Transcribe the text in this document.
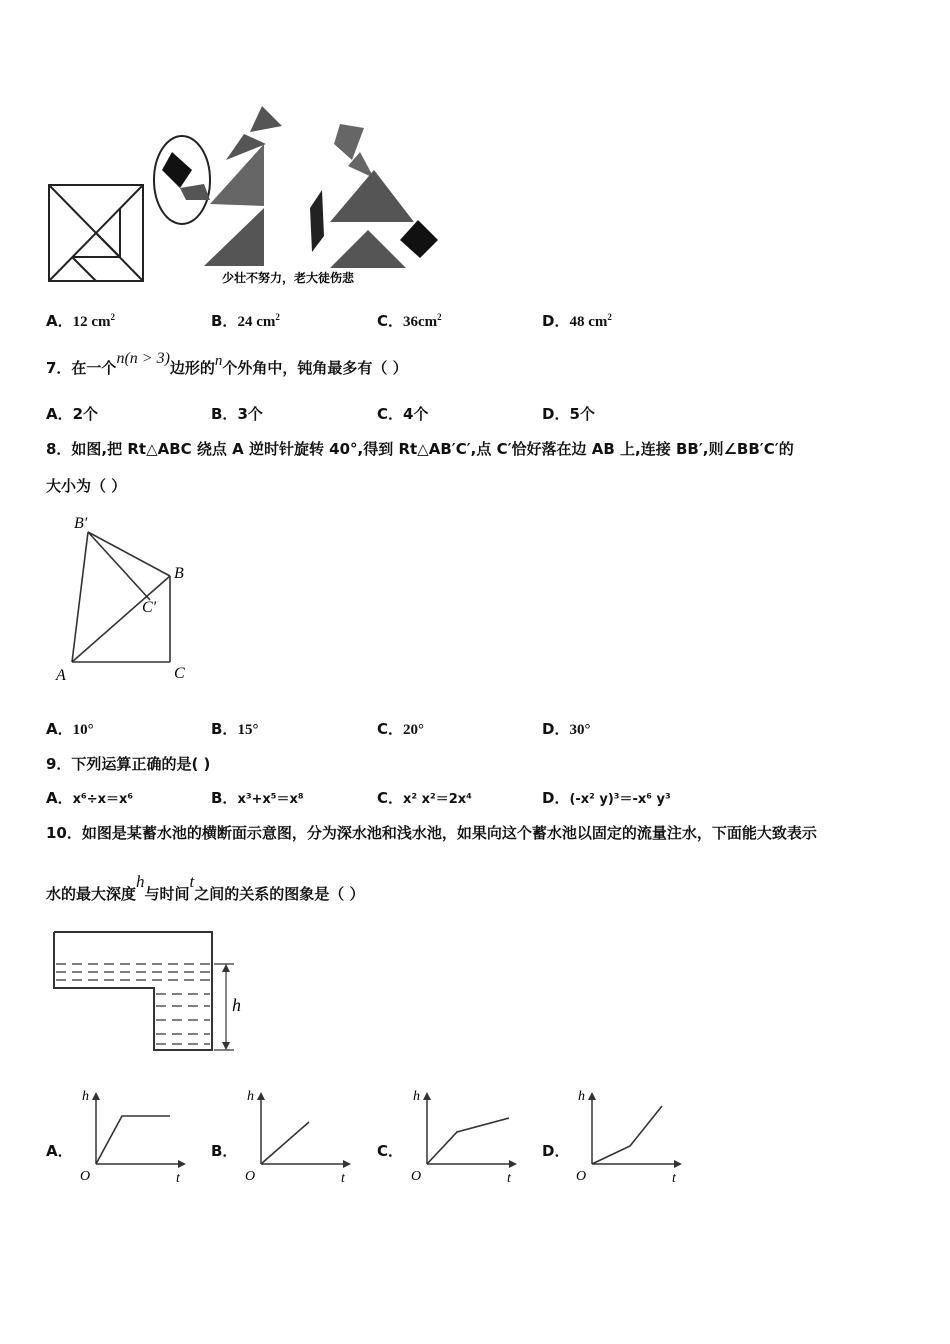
少壮不努力，老大徒伤悲
A．12 $cm^2$	B．24 $cm^2$	C．$36cm^2$	D．48 $cm^2$
7．在一个n(n > 3)边形的n个外角中，钝角最多有（ ）
A．2个	B．3个	C．4个	D．5个
8．如图,把 Rt△ABC 绕点 A 逆时针旋转 40°,得到 Rt△AB′C′,点 C′恰好落在边 AB 上,连接 BB′,则∠BB′C′的
大小为（ ）
B′
B
C′
A	C
A．10°	B．15°	C．20°	D．30°
9．下列运算正确的是( )
A．x⁶÷x＝x⁶	B．x³+x⁵＝x⁸	C．x² x²＝2x⁴	D．(-x² y)³＝-x⁶ y³
10．如图是某蓄水池的横断面示意图，分为深水池和浅水池，如果向这个蓄水池以固定的流量注水，下面能大致表示
水的最大深度h与时间t之间的关系的图象是（ ）
h
A．
h
O	t
B．
h
O	t
C．
h
O	t
D．
h
O	t
